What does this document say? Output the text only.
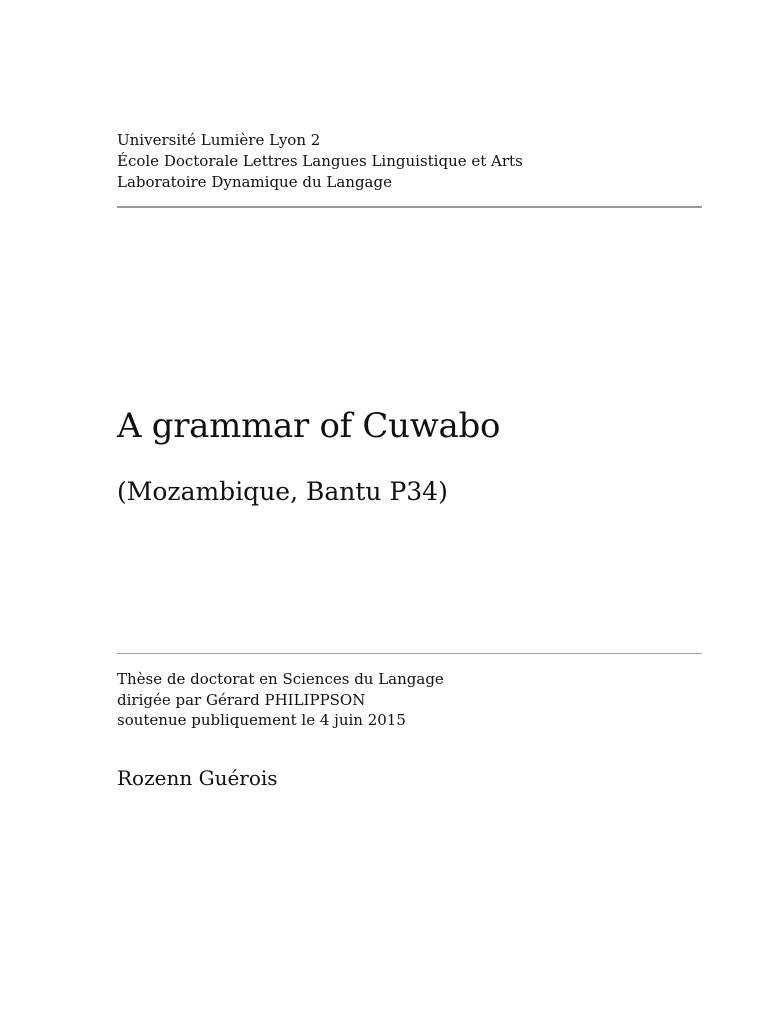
Université Lumière Lyon 2
École Doctorale Lettres Langues Linguistique et Arts
Laboratoire Dynamique du Langage
A grammar of Cuwabo
(Mozambique, Bantu P34)
Thèse de doctorat en Sciences du Langage
dirigée par Gérard PHILIPPSON
soutenue publiquement le 4 juin 2015
Rozenn Guérois
